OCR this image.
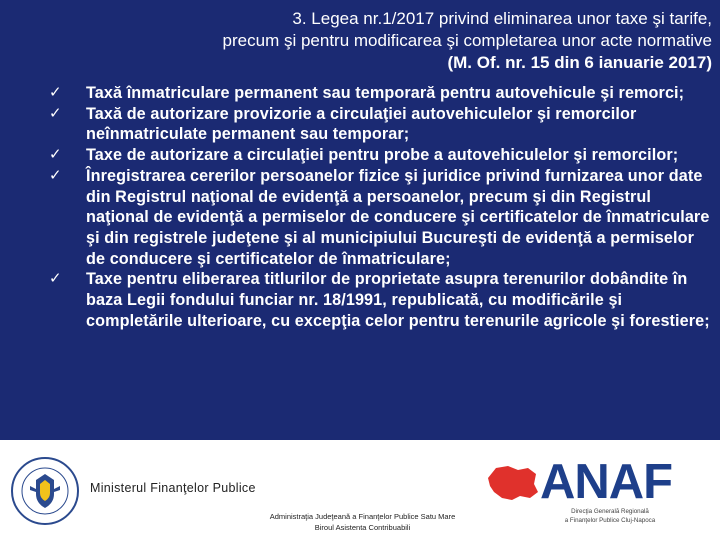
3. Legea nr.1/2017 privind eliminarea unor taxe şi tarife,
precum şi pentru modificarea şi completarea unor acte normative
(M. Of. nr. 15 din 6 ianuarie 2017)
✓	Taxă înmatriculare permanent sau temporară pentru autovehicule şi remorci;
✓	Taxă de autorizare provizorie a circulaţiei autovehiculelor şi remorcilor neînmatriculate permanent sau temporar;
✓	Taxe de autorizare a circulaţiei pentru probe a autovehiculelor şi remorcilor;
✓	Înregistrarea cererilor persoanelor fizice şi juridice privind furnizarea unor date din Registrul naţional de evidenţă a persoanelor, precum şi din Registrul naţional de evidenţă a permiselor de conducere şi certificatelor de înmatriculare şi din registrele judeţene şi al municipiului Bucureşti de evidenţă a permiselor de conducere şi certificatelor de înmatriculare;
✓	Taxe pentru eliberarea titlurilor de proprietate asupra terenurilor dobândite în baza Legii fondului funciar nr. 18/1991, republicată, cu modificările şi completările ulterioare, cu excepţia celor pentru terenurile agricole şi forestiere;
Ministerul Finanţelor Publice
Administraţia Judeţeană a Finanţelor Publice Satu Mare
Biroul Asistenta Contribuabili
ANAF
Direcţia Generală Regională
a Finanţelor Publice Cluj-Napoca
